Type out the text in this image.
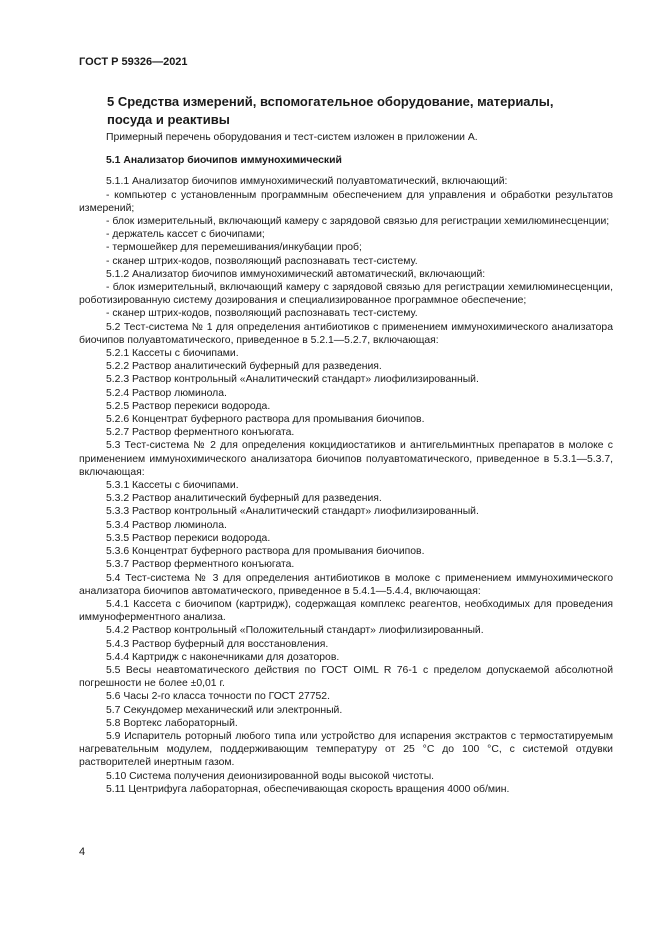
ГОСТ Р 59326—2021
5 Средства измерений, вспомогательное оборудование, материалы, посуда и реактивы

Примерный перечень оборудования и тест-систем изложен в приложении А.

5.1 Анализатор биочипов иммунохимический

5.1.1 Анализатор биочипов иммунохимический полуавтоматический, включающий:

- компьютер с установленным программным обеспечением для управления и обработки результатов измерений;

- блок измерительный, включающий камеру с зарядовой связью для регистрации хемилюминесценции;

- держатель кассет с биочипами;

- термошейкер для перемешивания/инкубации проб;

- сканер штрих-кодов, позволяющий распознавать тест-систему.

5.1.2 Анализатор биочипов иммунохимический автоматический, включающий:

- блок измерительный, включающий камеру с зарядовой связью для регистрации хемилюминесценции, роботизированную систему дозирования и специализированное программное обеспечение;

- сканер штрих-кодов, позволяющий распознавать тест-систему.

5.2 Тест-система № 1 для определения антибиотиков с применением иммунохимического анализатора биочипов полуавтоматического, приведенное в 5.2.1—5.2.7, включающая:

5.2.1 Кассеты с биочипами.

5.2.2 Раствор аналитический буферный для разведения.

5.2.3 Раствор контрольный «Аналитический стандарт» лиофилизированный.

5.2.4 Раствор люминола.

5.2.5 Раствор перекиси водорода.

5.2.6 Концентрат буферного раствора для промывания биочипов.

5.2.7 Раствор ферментного конъюгата.

5.3 Тест-система № 2 для определения кокцидиостатиков и антигельминтных препаратов в молоке с применением иммунохимического анализатора биочипов полуавтоматического, приведенное в 5.3.1—5.3.7, включающая:

5.3.1 Кассеты с биочипами.

5.3.2 Раствор аналитический буферный для разведения.

5.3.3 Раствор контрольный «Аналитический стандарт» лиофилизированный.

5.3.4 Раствор люминола.

5.3.5 Раствор перекиси водорода.

5.3.6 Концентрат буферного раствора для промывания биочипов.

5.3.7 Раствор ферментного конъюгата.

5.4 Тест-система № 3 для определения антибиотиков в молоке с применением иммунохимического анализатора биочипов автоматического, приведенное в 5.4.1—5.4.4, включающая:

5.4.1 Кассета с биочипом (картридж), содержащая комплекс реагентов, необходимых для проведения иммуноферментного анализа.

5.4.2 Раствор контрольный «Положительный стандарт» лиофилизированный.

5.4.3 Раствор буферный для восстановления.

5.4.4 Картридж с наконечниками для дозаторов.

5.5 Весы неавтоматического действия по ГОСТ OIML R 76-1 с пределом допускаемой абсолютной погрешности не более ±0,01 г.

5.6 Часы 2-го класса точности по ГОСТ 27752.

5.7 Секундомер механический или электронный.

5.8 Вортекс лабораторный.

5.9 Испаритель роторный любого типа или устройство для испарения экстрактов с термостатируемым нагревательным модулем, поддерживающим температуру от 25 °С до 100 °С, с системой отдувки растворителей инертным газом.

5.10 Система получения деионизированной воды высокой чистоты.

5.11 Центрифуга лабораторная, обеспечивающая скорость вращения 4000 об/мин.

4
